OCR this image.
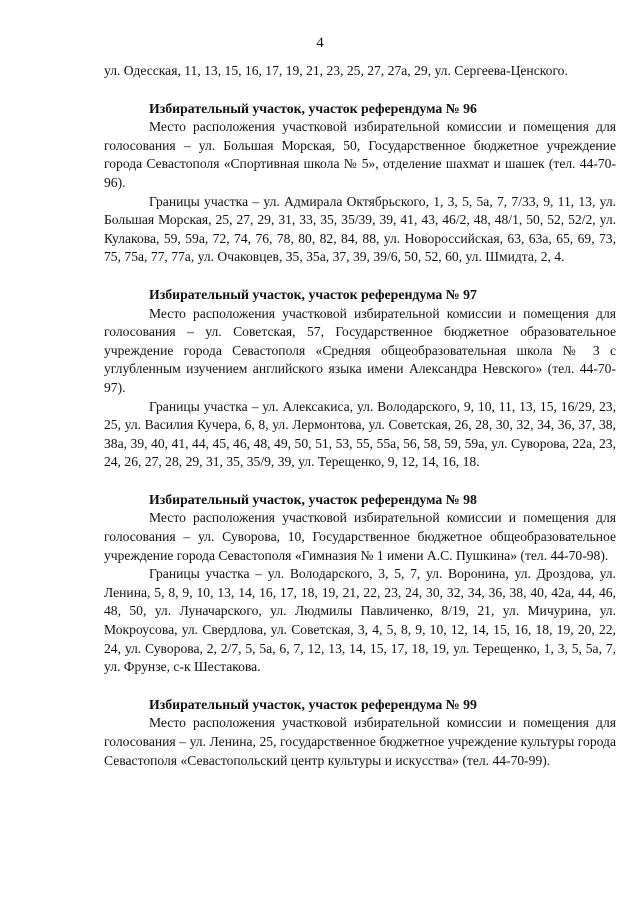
4

ул. Одесская, 11, 13, 15, 16, 17, 19, 21, 23, 25, 27, 27а, 29, ул. Сергеева-Ценского.

Избирательный участок, участок референдума № 96

Место расположения участковой избирательной комиссии и помещения для голосования – ул. Большая Морская, 50, Государственное бюджетное учреждение города Севастополя «Спортивная школа № 5», отделение шахмат и шашек (тел. 44-70-96).

Границы участка – ул. Адмирала Октябрьского, 1, 3, 5, 5а, 7, 7/33, 9, 11, 13, ул. Большая Морская, 25, 27, 29, 31, 33, 35, 35/39, 39, 41, 43, 46/2, 48, 48/1, 50, 52, 52/2, ул. Кулакова, 59, 59а, 72, 74, 76, 78, 80, 82, 84, 88, ул. Новороссийская, 63, 63а, 65, 69, 73, 75, 75а, 77, 77а, ул. Очаковцев, 35, 35а, 37, 39, 39/6, 50, 52, 60, ул. Шмидта, 2, 4.

Избирательный участок, участок референдума № 97

Место расположения участковой избирательной комиссии и помещения для голосования – ул. Советская, 57, Государственное бюджетное образовательное учреждение города Севастополя «Средняя общеобразовательная школа № 3 с углубленным изучением английского языка имени Александра Невского» (тел. 44-70-97).

Границы участка – ул. Алексакиса, ул. Володарского, 9, 10, 11, 13, 15, 16/29, 23, 25, ул. Василия Кучера, 6, 8, ул. Лермонтова, ул. Советская, 26, 28, 30, 32, 34, 36, 37, 38, 38а, 39, 40, 41, 44, 45, 46, 48, 49, 50, 51, 53, 55, 55а, 56, 58, 59, 59а, ул. Суворова, 22а, 23, 24, 26, 27, 28, 29, 31, 35, 35/9, 39, ул. Терещенко, 9, 12, 14, 16, 18.

Избирательный участок, участок референдума № 98

Место расположения участковой избирательной комиссии и помещения для голосования – ул. Суворова, 10, Государственное бюджетное общеобразовательное учреждение города Севастополя «Гимназия № 1 имени А.С. Пушкина» (тел. 44-70-98).

Границы участка – ул. Володарского, 3, 5, 7, ул. Воронина, ул. Дроздова, ул. Ленина, 5, 8, 9, 10, 13, 14, 16, 17, 18, 19, 21, 22, 23, 24, 30, 32, 34, 36, 38, 40, 42а, 44, 46, 48, 50, ул. Луначарского, ул. Людмилы Павличенко, 8/19, 21, ул. Мичурина, ул. Мокроусова, ул. Свердлова, ул. Советская, 3, 4, 5, 8, 9, 10, 12, 14, 15, 16, 18, 19, 20, 22, 24, ул. Суворова, 2, 2/7, 5, 5а, 6, 7, 12, 13, 14, 15, 17, 18, 19, ул. Терещенко, 1, 3, 5, 5а, 7, ул. Фрунзе, с-к Шестакова.

Избирательный участок, участок референдума № 99

Место расположения участковой избирательной комиссии и помещения для голосования – ул. Ленина, 25, государственное бюджетное учреждение культуры города Севастополя «Севастопольский центр культуры и искусства» (тел. 44-70-99).
